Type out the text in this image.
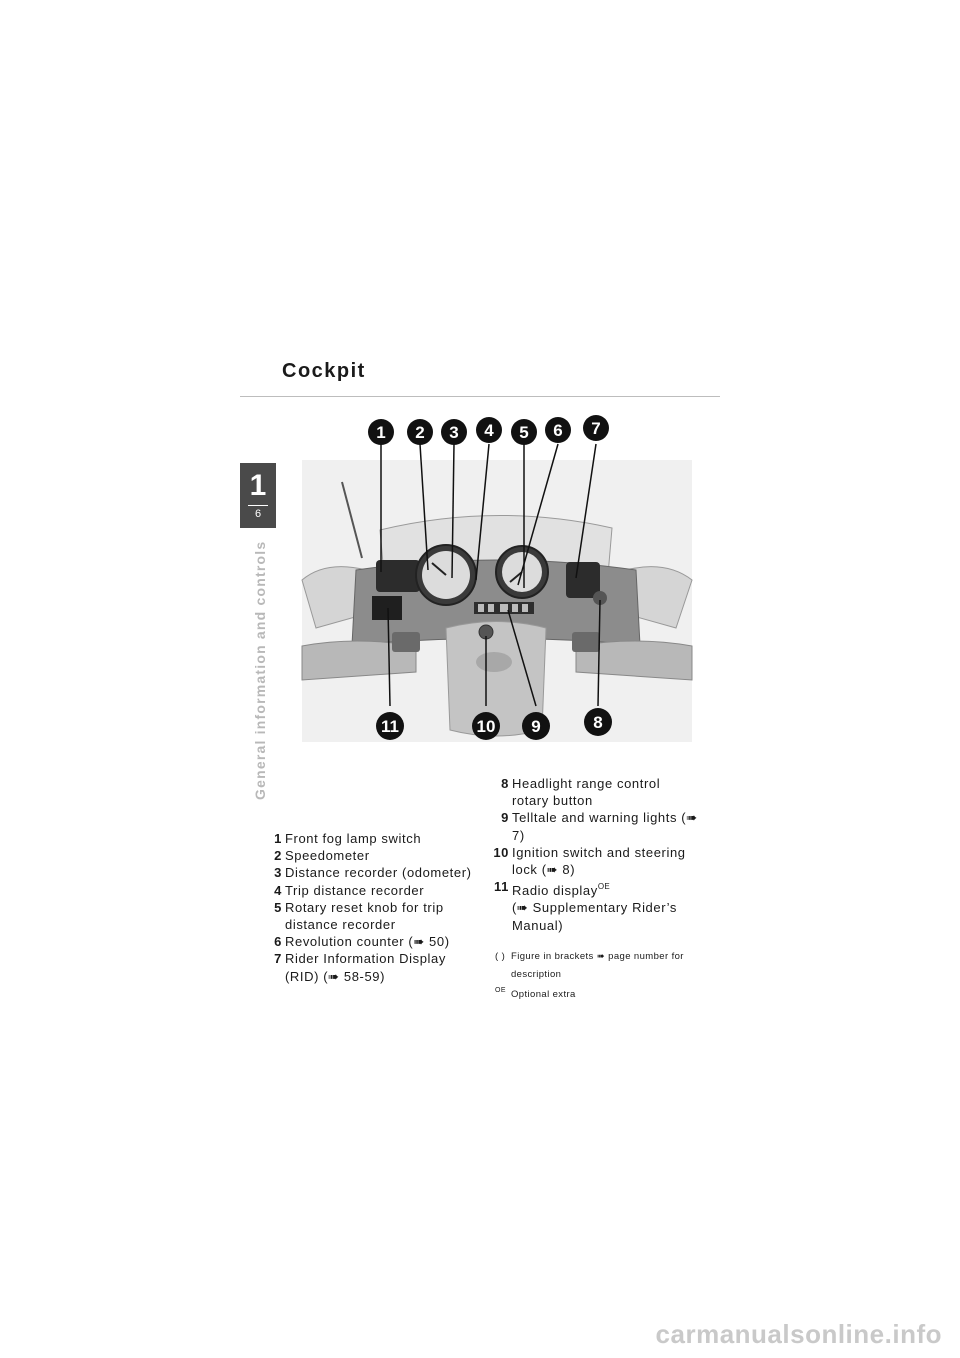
Cockpit
1
6
General information and controls
1 2 3 4 5 6 7
11	10 9	8
1 Front fog lamp switch
2 Speedometer
3 Distance recorder (odometer)
4 Trip distance recorder
5 Rotary reset knob for trip distance recorder
6 Revolution counter (➠ 50)
7 Rider Information Display (RID) (➠ 58-59)
8 Headlight range control rotary button
9 Telltale and warning lights (➠ 7)
10 Ignition switch and steering lock (➠ 8)
11 Radio display$^{OE}$
(➠ Supplementary Rider’s Manual)
( ) Figure in brackets ➠ page number for description
OE Optional extra
carmanualsonline.info
